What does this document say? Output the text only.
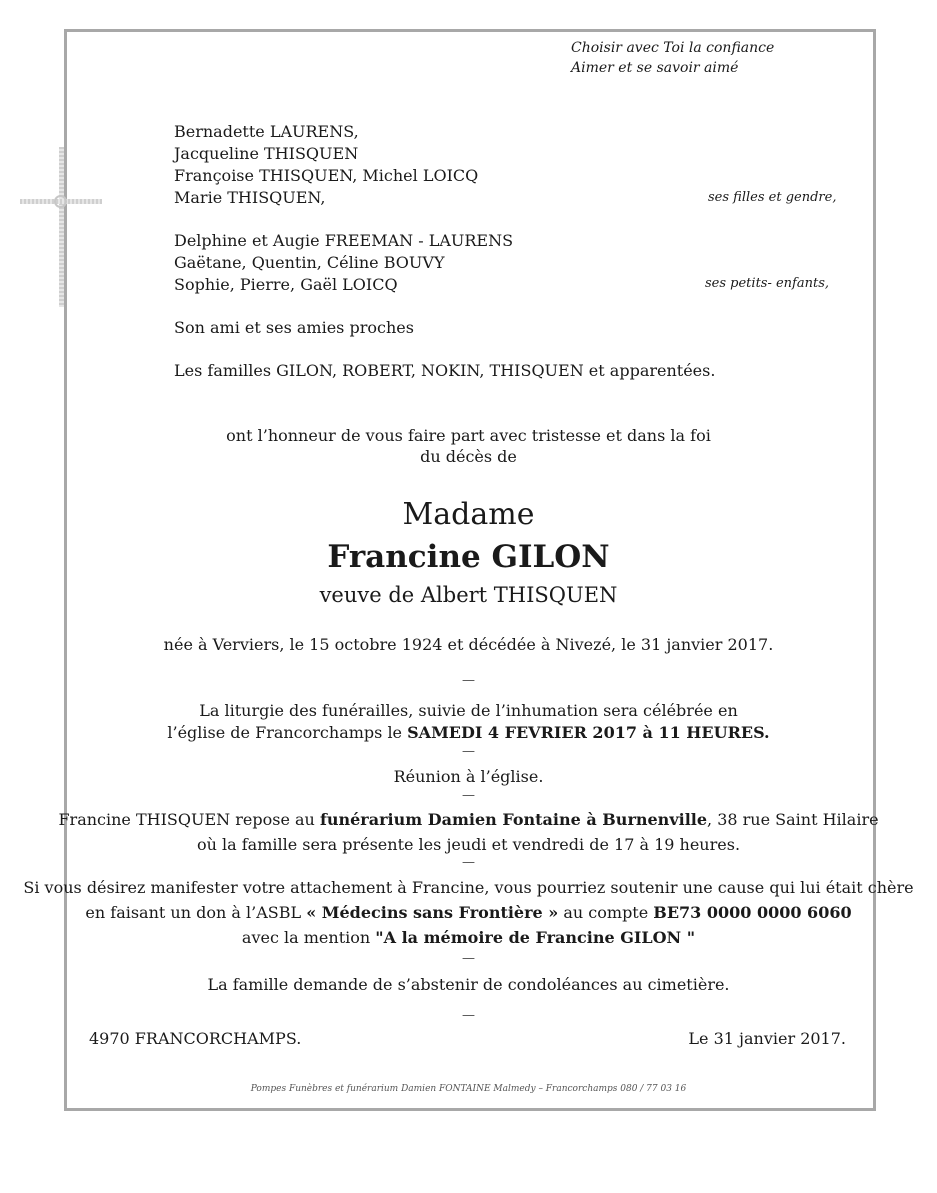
Choisir avec Toi la confiance
Aimer et se savoir aimé
Bernadette LAURENS,
Jacqueline THISQUEN
Françoise THISQUEN, Michel LOICQ
Marie THISQUEN,	ses filles et gendre,
Delphine et Augie FREEMAN - LAURENS
Gaëtane, Quentin, Céline BOUVY
Sophie, Pierre, Gaël LOICQ	ses petits- enfants,
Son ami et ses amies proches
Les familles GILON, ROBERT, NOKIN, THISQUEN et apparentées.
ont l’honneur de vous faire part avec tristesse et dans la foi
du décès de
Madame
Francine GILON
veuve de Albert THISQUEN
née à Verviers, le 15 octobre 1924 et décédée à Nivezé, le 31 janvier 2017.
—
La liturgie des funérailles, suivie de l’inhumation sera célébrée en
l’église de Francorchamps le SAMEDI 4 FEVRIER 2017 à 11 HEURES.
—
Réunion à l’église.
—
Francine THISQUEN repose au funérarium Damien Fontaine à Burnenville, 38 rue Saint Hilaire
où la famille sera présente les jeudi et vendredi de 17 à 19 heures.
—
Si vous désirez manifester votre attachement à Francine, vous pourriez soutenir une cause qui lui était chère
en faisant un don à l’ASBL « Médecins sans Frontière » au compte BE73 0000 0000 6060
avec la mention "A la mémoire de Francine GILON "
—
La famille demande de s’abstenir de condoléances au cimetière.
—
4970 FRANCORCHAMPS.	Le 31 janvier 2017.
Pompes Funèbres et funérarium Damien FONTAINE Malmedy – Francorchamps 080 / 77 03 16
